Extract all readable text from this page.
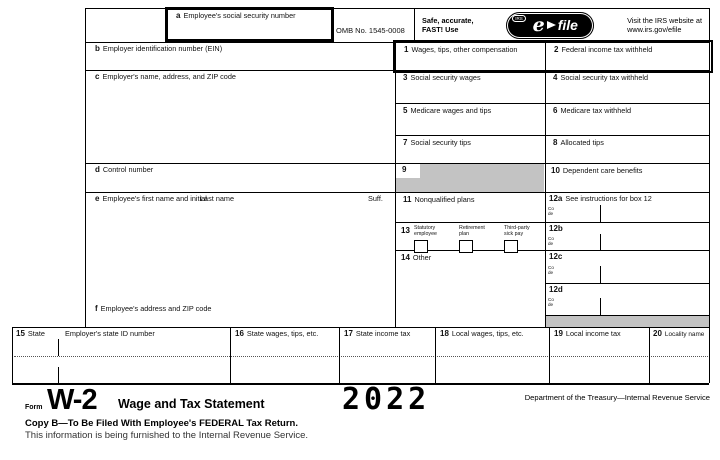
a Employee's social security number
OMB No. 1545-0008
Safe, accurate,
FAST! Use
IRS e file	Visit the IRS website at
www.irs.gov/efile
b Employer identification number (EIN)
c Employer's name, address, and ZIP code
d Control number
e Employee's first name and initial
Last name	Suff.
f Employee's address and ZIP code
1 Wages, tips, other compensation	2 Federal income tax withheld
3 Social security wages	4 Social security tax withheld
5 Medicare wages and tips	6 Medicare tax withheld
7 Social security tips	8 Allocated tips
9	10 Dependent care benefits
11 Nonqualified plans	12a See instructions for box 12
Code
13 Statutory
employee
Retirement
plan
Third-party
sick pay
12b
Code
14 Other	12c
Code
12d
Code
15 State	Employer's state ID number	16 State wages, tips, etc.	17 State income tax	18 Local wages, tips, etc.	19 Local income tax	20 Locality name
Form W-2 Wage and Tax Statement	2022	Department of the Treasury—Internal Revenue Service
Copy B—To Be Filed With Employee's FEDERAL Tax Return.
This information is being furnished to the Internal Revenue Service.
